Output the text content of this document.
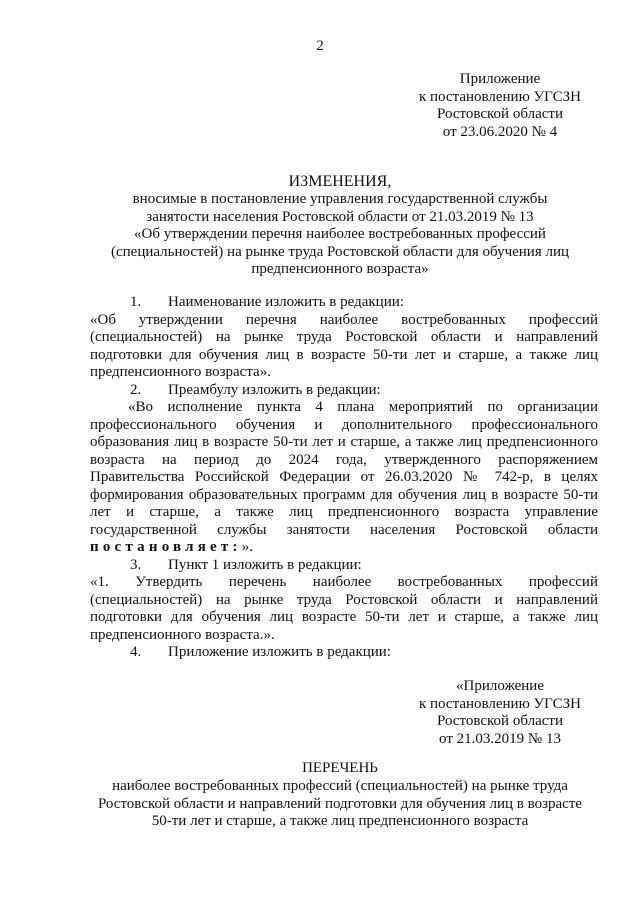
2
Приложение
к постановлению УГСЗН
Ростовской области
от 23.06.2020 № 4
ИЗМЕНЕНИЯ,
вносимые в постановление управления государственной службы
занятости населения Ростовской области от 21.03.2019 № 13
«Об утверждении перечня наиболее востребованных профессий
(специальностей) на рынке труда Ростовской области для обучения лиц
предпенсионного возраста»
1. Наименование изложить в редакции:
«Об утверждении перечня наиболее востребованных профессий (специальностей) на рынке труда Ростовской области и направлений подготовки для обучения лиц в возрасте 50-ти лет и старше, а также лиц предпенсионного возраста».
2. Преамбулу изложить в редакции:
«Во исполнение пункта 4 плана мероприятий по организации профессионального обучения и дополнительного профессионального образования лиц в возрасте 50-ти лет и старше, а также лиц предпенсионного возраста на период до 2024 года, утвержденного распоряжением Правительства Российской Федерации от 26.03.2020 № 742-р, в целях формирования образовательных программ для обучения лиц в возрасте 50-ти лет и старше, а также лиц предпенсионного возраста управление государственной службы занятости населения Ростовской области постановляет:».
3. Пункт 1 изложить в редакции:
«1. Утвердить перечень наиболее востребованных профессий (специальностей) на рынке труда Ростовской области и направлений подготовки для обучения лиц возрасте 50-ти лет и старше, а также лиц предпенсионного возраста.».
4. Приложение изложить в редакции:
«Приложение
к постановлению УГСЗН
Ростовской области
от 21.03.2019 № 13
ПЕРЕЧЕНЬ
наиболее востребованных профессий (специальностей) на рынке труда
Ростовской области и направлений подготовки для обучения лиц в возрасте
50-ти лет и старше, а также лиц предпенсионного возраста
